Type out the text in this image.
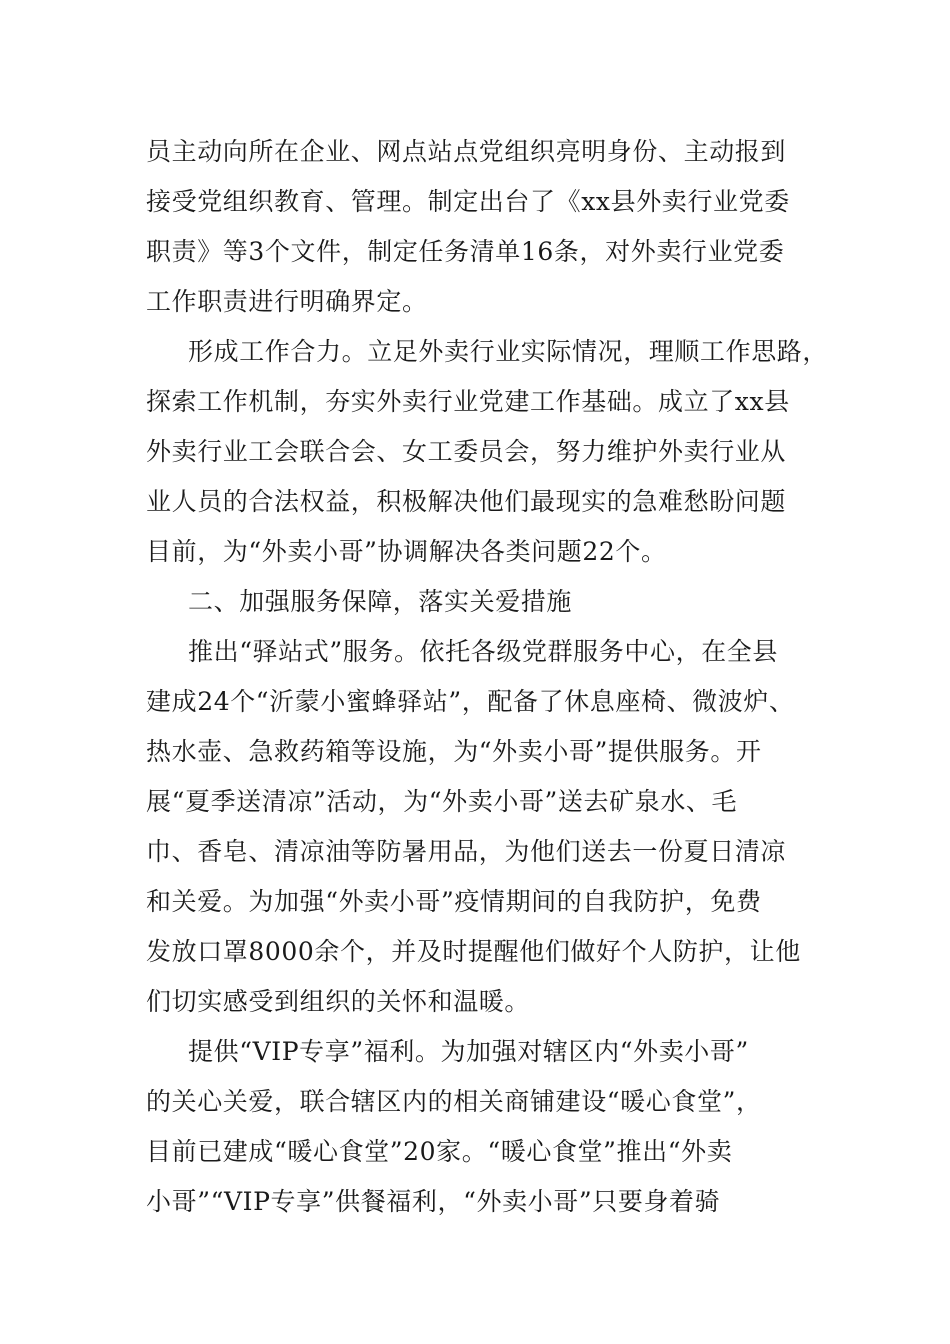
员主动向所在企业、网点站点党组织亮明身份、主动报到
接受党组织教育、管理。制定出台了《xx县外卖行业党委
职责》等3个文件，制定任务清单16条，对外卖行业党委
工作职责进行明确界定。
形成工作合力。立足外卖行业实际情况，理顺工作思路，
探索工作机制，夯实外卖行业党建工作基础。成立了xx县
外卖行业工会联合会、女工委员会，努力维护外卖行业从
业人员的合法权益，积极解决他们最现实的急难愁盼问题
目前，为“外卖小哥”协调解决各类问题22个。
二、加强服务保障，落实关爱措施
推出“驿站式”服务。依托各级党群服务中心，在全县
建成24个“沂蒙小蜜蜂驿站”，配备了休息座椅、微波炉、
热水壶、急救药箱等设施，为“外卖小哥”提供服务。开
展“夏季送清凉”活动，为“外卖小哥”送去矿泉水、毛
巾、香皂、清凉油等防暑用品，为他们送去一份夏日清凉
和关爱。为加强“外卖小哥”疫情期间的自我防护，免费
发放口罩8000余个，并及时提醒他们做好个人防护，让他
们切实感受到组织的关怀和温暖。
提供“VIP专享”福利。为加强对辖区内“外卖小哥”
的关心关爱，联合辖区内的相关商铺建设“暖心食堂”，
目前已建成“暖心食堂”20家。“暖心食堂”推出“外卖
小哥”“VIP专享”供餐福利，“外卖小哥”只要身着骑
